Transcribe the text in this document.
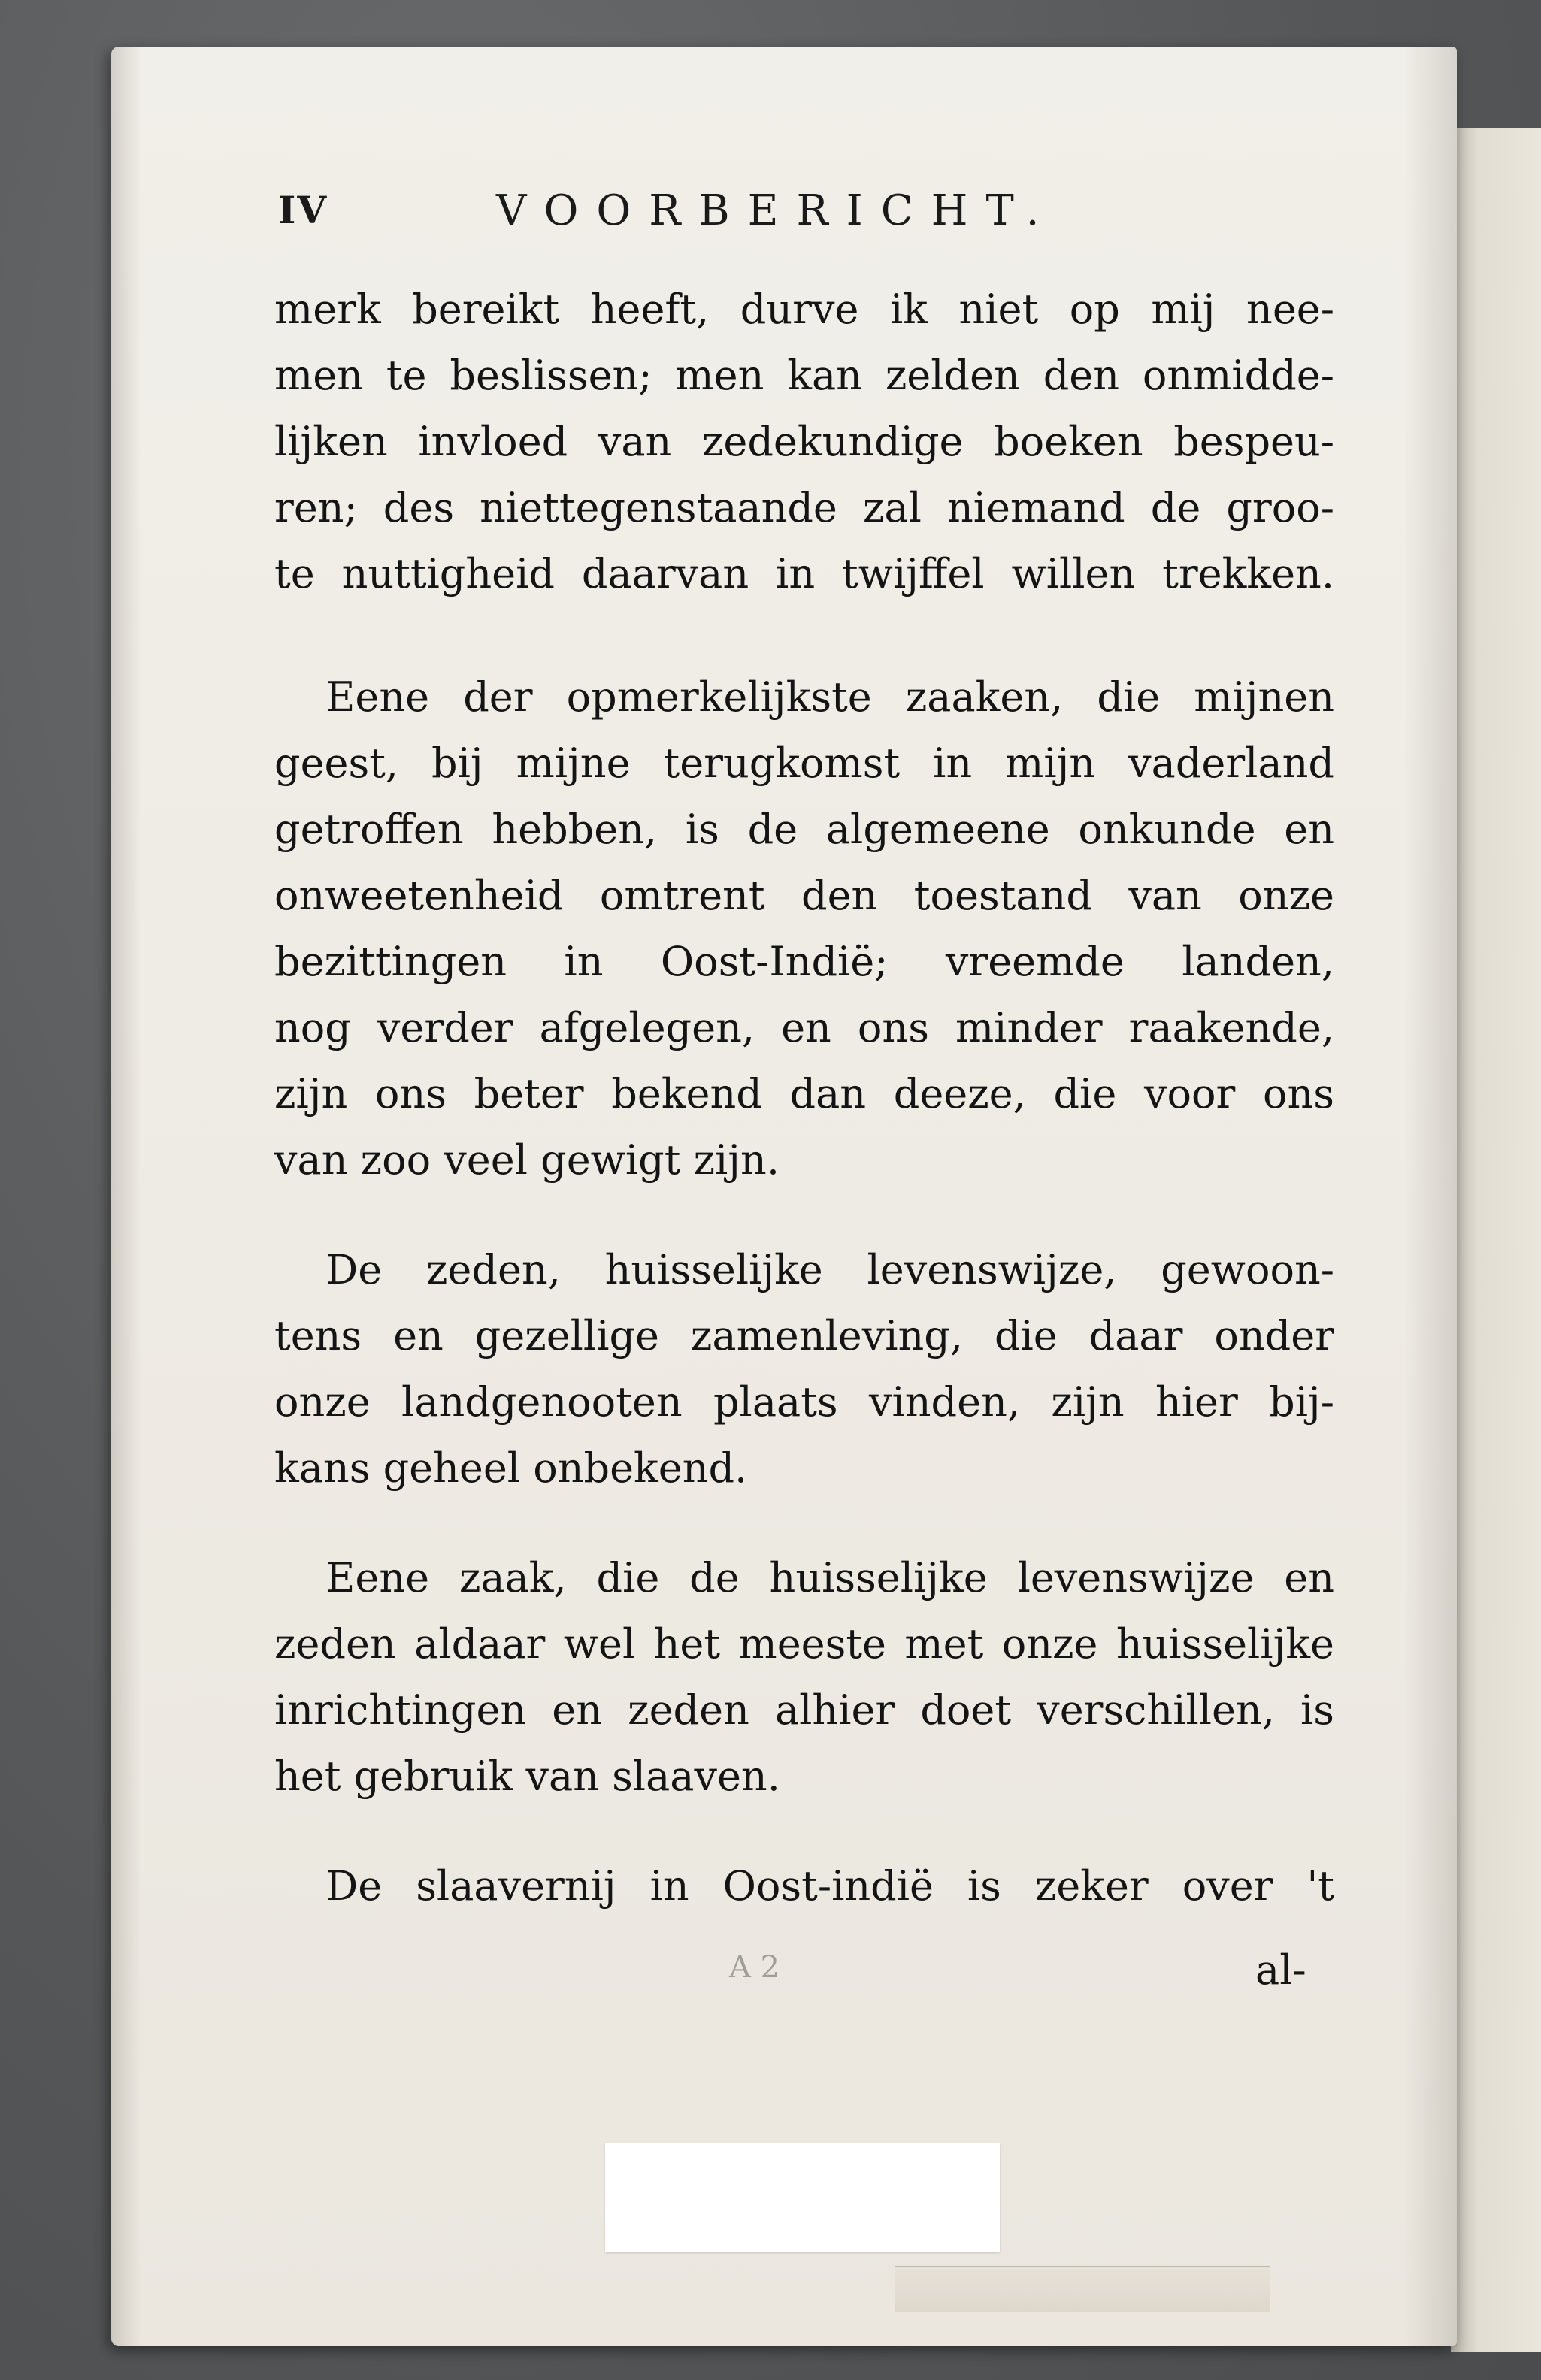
IV	VOORBERICHT.
merk bereikt heeft, durve ik niet op mij nee-
men te beslissen; men kan zelden den onmidde-
lijken invloed van zedekundige boeken bespeu-
ren; des niettegenstaande zal niemand de groo-
te nuttigheid daarvan in twijffel willen trekken.
Eene der opmerkelijkste zaaken, die mijnen
geest, bij mijne terugkomst in mijn vaderland
getroffen hebben, is de algemeene onkunde en
onweetenheid omtrent den toestand van onze
bezittingen in Oost-Indië; vreemde landen,
nog verder afgelegen, en ons minder raakende,
zijn ons beter bekend dan deeze, die voor ons
van zoo veel gewigt zijn.
De zeden, huisselijke levenswijze, gewoon-
tens en gezellige zamenleving, die daar onder
onze landgenooten plaats vinden, zijn hier bij-
kans geheel onbekend.
Eene zaak, die de huisselijke levenswijze en
zeden aldaar wel het meeste met onze huisselijke
inrichtingen en zeden alhier doet verschillen, is
het gebruik van slaaven.
De slaavernij in Oost-indië is zeker over 't
A 2	al-
